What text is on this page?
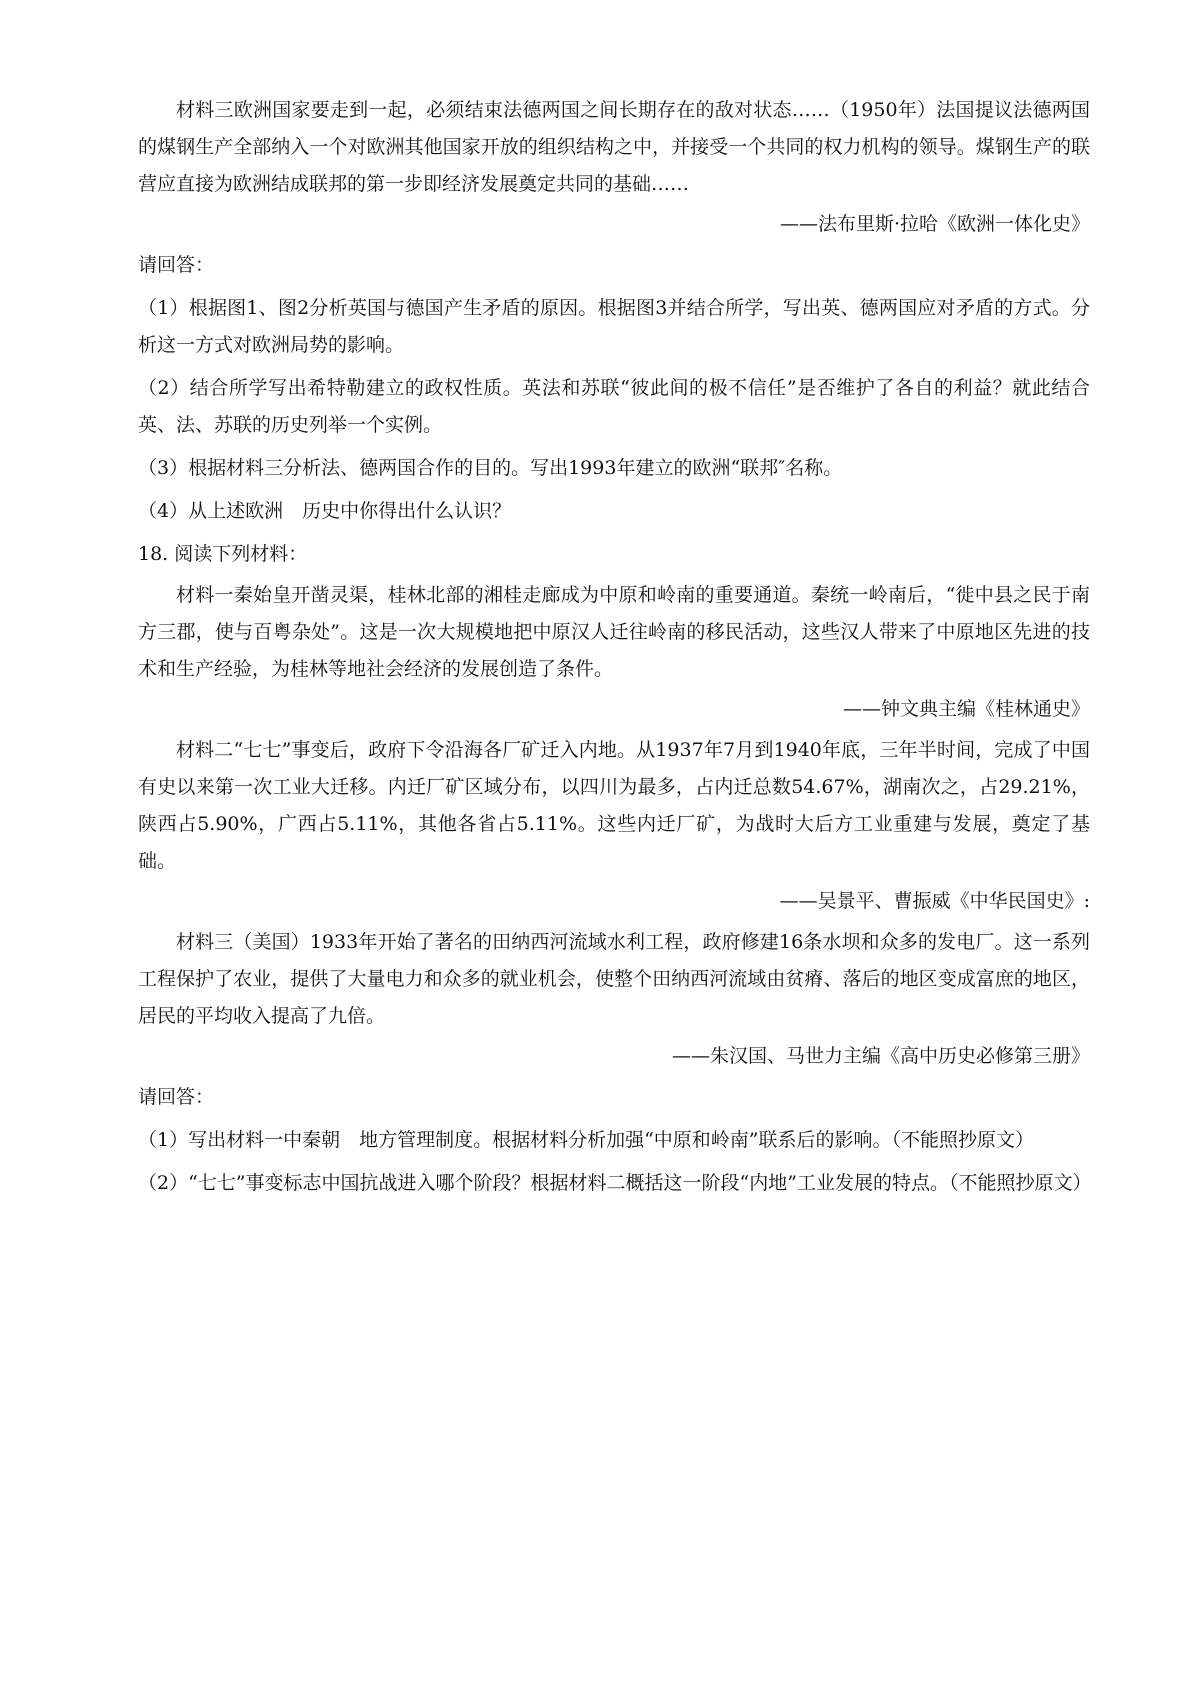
材料三欧洲国家要走到一起，必须结束法德两国之间长期存在的敌对状态……（1950年）法国提议法德两国的煤钢生产全部纳入一个对欧洲其他国家开放的组织结构之中，并接受一个共同的权力机构的领导。煤钢生产的联营应直接为欧洲结成联邦的第一步即经济发展奠定共同的基础……

——法布里斯·拉哈《欧洲一体化史》

请回答：

（1）根据图1、图2分析英国与德国产生矛盾的原因。根据图3并结合所学，写出英、德两国应对矛盾的方式。分析这一方式对欧洲局势的影响。

（2）结合所学写出希特勒建立的政权性质。英法和苏联“彼此间的极不信任”是否维护了各自的利益？就此结合英、法、苏联的历史列举一个实例。

（3）根据材料三分析法、德两国合作的目的。写出1993年建立的欧洲“联邦″名称。

（4）从上述欧洲　历史中你得出什么认识？

18. 阅读下列材料：

材料一秦始皇开凿灵渠，桂林北部的湘桂走廊成为中原和岭南的重要通道。秦统一岭南后，“徙中县之民于南方三郡，使与百粤杂处”。这是一次大规模地把中原汉人迁往岭南的移民活动，这些汉人带来了中原地区先进的技术和生产经验，为桂林等地社会经济的发展创造了条件。

——钟文典主编《桂林通史》

材料二“七七”事变后，政府下令沿海各厂矿迁入内地。从1937年7月到1940年底，三年半时间，完成了中国有史以来第一次工业大迁移。内迁厂矿区域分布，以四川为最多，占内迁总数54.67%，湖南次之，占29.21%，陕西占5.90%，广西占5.11%，其他各省占5.11%。这些内迁厂矿，为战时大后方工业重建与发展，奠定了基础。

——吴景平、曹振威《中华民国史》:

材料三（美国）1933年开始了著名的田纳西河流域水利工程，政府修建16条水坝和众多的发电厂。这一系列工程保护了农业，提供了大量电力和众多的就业机会，使整个田纳西河流域由贫瘠、落后的地区变成富庶的地区，居民的平均收入提高了九倍。

——朱汉国、马世力主编《高中历史必修第三册》

请回答：

（1）写出材料一中秦朝　地方管理制度。根据材料分析加强“中原和岭南”联系后的影响。（不能照抄原文）

（2）“七七”事变标志中国抗战进入哪个阶段？根据材料二概括这一阶段“内地”工业发展的特点。（不能照抄原文）
